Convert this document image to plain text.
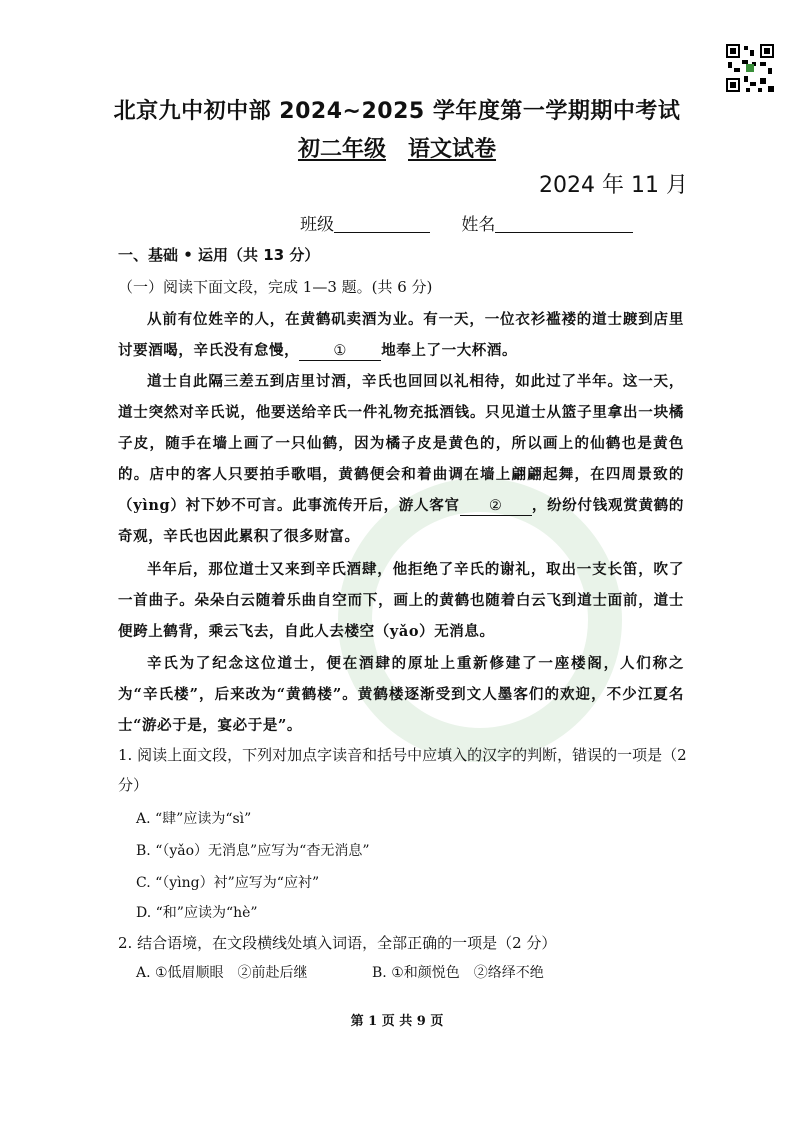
北京九中初中部 2024~2025 学年度第一学期期中考试
初二年级 语文试卷
2024 年 11 月
班级	姓名
一、基础 • 运用（共 13 分）
（一）阅读下面文段，完成 1—3 题。(共 6 分)
从前有位姓辛的人，在黄鹤矶卖酒为业。有一天，一位衣衫褴褛的道士踱到店里讨要酒喝，辛氏没有怠慢， ① 地奉上了一大杯酒。
道士自此隔三差五到店里讨酒，辛氏也回回以礼相待，如此过了半年。这一天，道士突然对辛氏说，他要送给辛氏一件礼物充抵酒钱。只见道士从篮子里拿出一块橘子皮，随手在墙上画了一只仙鹤，因为橘子皮是黄色的，所以画上的仙鹤也是黄色的。店中的客人只要拍手歌唱，黄鹤便会和着曲调在墙上翩翩起舞，在四周景致的（yìng）衬下妙不可言。此事流传开后，游人客官 ② ，纷纷付钱观赏黄鹤的奇观，辛氏也因此累积了很多财富。
半年后，那位道士又来到辛氏酒肆，他拒绝了辛氏的谢礼，取出一支长笛，吹了一首曲子。朵朵白云随着乐曲自空而下，画上的黄鹤也随着白云飞到道士面前，道士便跨上鹤背，乘云飞去，自此人去楼空（yǎo）无消息。
辛氏为了纪念这位道士，便在酒肆的原址上重新修建了一座楼阁，人们称之为“辛氏楼”，后来改为“黄鹤楼”。黄鹤楼逐渐受到文人墨客们的欢迎，不少江夏名士“游必于是，宴必于是”。
1. 阅读上面文段，下列对加点字读音和括号中应填入的汉字的判断，错误的一项是（2 分）
A. “肆”应读为“sì”
B. “（yǎo）无消息”应写为“杳无消息”
C. “（yìng）衬”应写为“应衬”
D. “和”应读为“hè”
2. 结合语境，在文段横线处填入词语，全部正确的一项是（2 分）
A. ①低眉顺眼　②前赴后继	B. ①和颜悦色　②络绎不绝
第 1 页 共 9 页
